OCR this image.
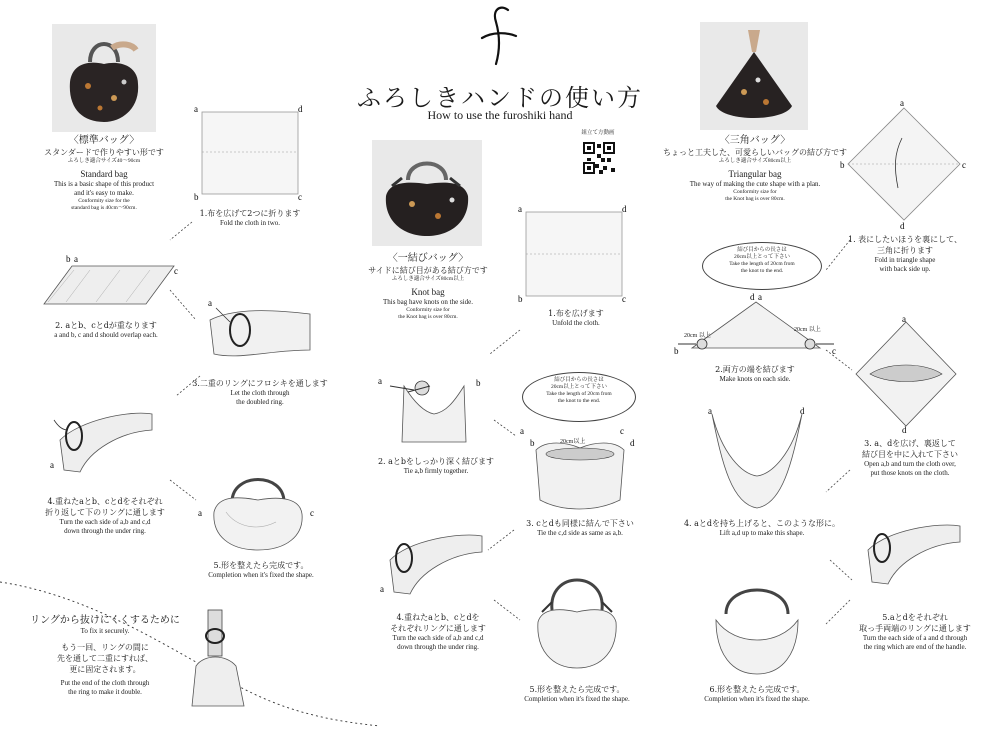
ふろしきハンドの使い方
How to use the furoshiki hand
組立て方動画
〈標準バッグ〉
スタンダードで作りやすい形です
ふろしき適合サイズ40〜90cm
Standard bag
This is a basic shape of this product
and it's easy to make.
Conformity size for the
standard bag is 40cm〜90cm.
a	d
b	c
1.布を広げて2つに折ります
Fold the cloth in two.
b a
c
2. aとb、cとdが重なります
a and b, c and d should overlap each.
a
3.二重のリングにフロシキを通します
Let the cloth through
the doubled ring.
a
4.重ねたaとb、cとdをそれぞれ
折り返して下のリングに通します
Turn the each side of a,b and c,d
down through the under ring.
a	c
5.形を整えたら完成です。
Completion when it's fixed the shape.
リングから抜けにくくするために
To fix it securely.
もう一回、リングの間に
先を通して二重にすれば、
更に固定されます。
Put the end of the cloth through
the ring to make it double.
〈一結びバッグ〉
サイドに結び目がある結び方です
ふろしき適合サイズ80cm以上
Knot bag
This bag have knots on the side.
Conformity size for
the Knot bag is over 80cm.
a	d
b	c
1.布を広げます
Unfold the cloth.
a	b
2. aとbをしっかり深く結びます
Tie a,b firmly together.
結び目からの長さは
20cm以上とって下さい
Take the length of 20cm from
the knot to the end.
a
b
c
d
20cm以上
3. cとdも同様に結んで下さい
Tie the c,d side as same as a,b.
a
4.重ねたaとb、cとdを
それぞれリングに通します
Turn the each side of a,b and c,d
down through the under ring.
5.形を整えたら完成です。
Completion when it's fixed the shape.
〈三角バッグ〉
ちょっと工夫した、可愛らしいバッグの結び方です
ふろしき適合サイズ80cm以上
Triangular bag
The way of making the cute shape with a plan.
Conformity size for
the Knot bag is over 80cm.
a
b	c
d
1. 表にしたいほうを裏にして、
三角に折ります
Fold in triangle shape
with back side up.
結び目からの長さは
20cm以上とって下さい
Take the length of 20cm from
the knot to the end.
d a
b	c
20cm 以上
20cm 以上
2.両方の端を結びます
Make knots on each side.
a
d
3. a、dを広げ、裏返して
結び目を中に入れて下さい
Open a,b and turn the cloth over,
put those knots on the cloth.
a	d
4. aとdを持ち上げると、このような形に。
Lift a,d up to make this shape.
5.aとdをそれぞれ
取っ手両端のリングに通します
Turn the each side of a and d through
the ring which are end of the handle.
6.形を整えたら完成です。
Completion when it's fixed the shape.
